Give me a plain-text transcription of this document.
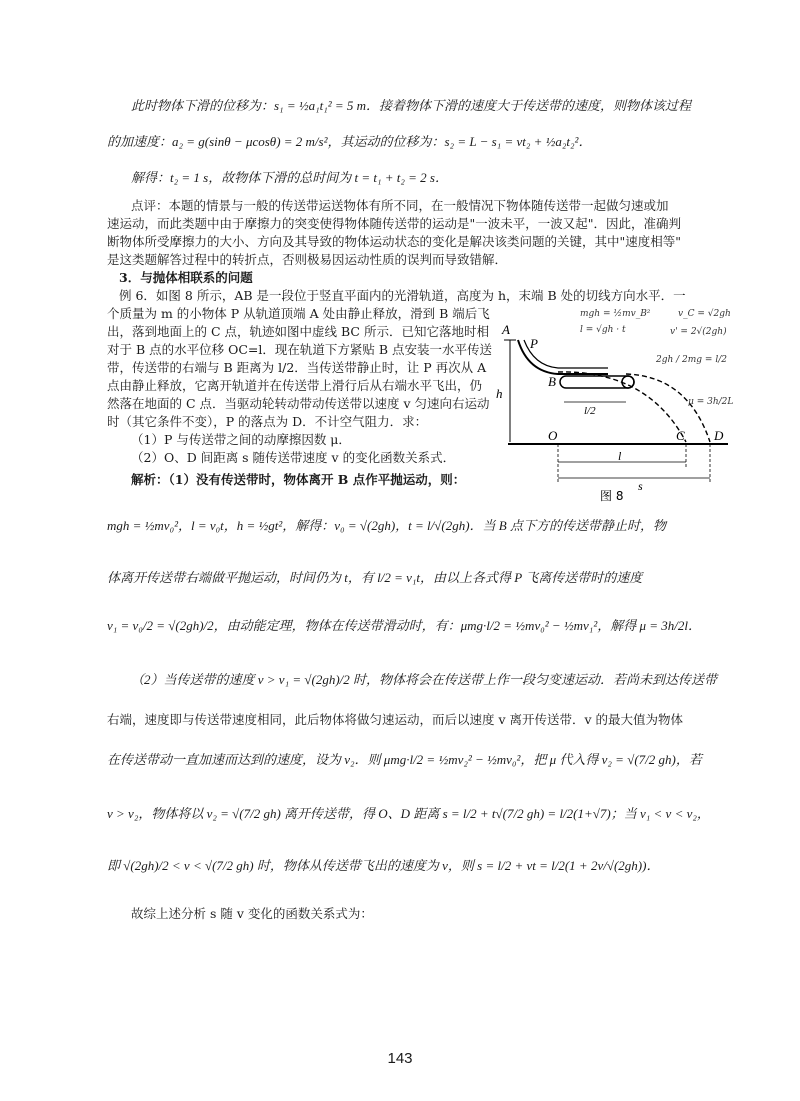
此时物体下滑的位移为：s₁ = ½a₁t₁² = 5 m．接着物体下滑的速度大于传送带的速度，则物体该过程
的加速度：a₂ = g(sinθ − μcosθ) = 2 m/s²，其运动的位移为：s₂ = L − s₁ = vt₂ + ½a₂t₂²．
解得：t₂ = 1 s，故物体下滑的总时间为 t = t₁ + t₂ = 2 s．
点评：本题的情景与一般的传送带运送物体有所不同，在一般情况下物体随传送带一起做匀速或加
速运动，而此类题中由于摩擦力的突变使得物体随传送带的运动是"一波未平，一波又起"．因此，准确判
断物体所受摩擦力的大小、方向及其导致的物体运动状态的变化是解决该类问题的关键，其中"速度相等"
是这类题解答过程中的转折点，否则极易因运动性质的误判而导致错解．
3．与抛体相联系的问题
例 6．如图 8 所示，AB 是一段位于竖直平面内的光滑轨道，高度为 h，末端 B 处的切线方向水平．一
个质量为 m 的小物体 P 从轨道顶端 A 处由静止释放，滑到 B 端后飞
出，落到地面上的 C 点，轨迹如图中虚线 BC 所示．已知它落地时相
对于 B 点的水平位移 OC=l．现在轨道下方紧贴 B 点安装一水平传送
带，传送带的右端与 B 距离为 l/2．当传送带静止时，让 P 再次从 A
点由静止释放，它离开轨道并在传送带上滑行后从右端水平飞出，仍
然落在地面的 C 点．当驱动轮转动带动传送带以速度 v 匀速向右运动
时（其它条件不变），P 的落点为 D．不计空气阻力．求：
（1）P 与传送带之间的动摩擦因数 μ．
（2）O、D 间距离 s 随传送带速度 v 的变化函数关系式．
解析：（1）没有传送带时，物体离开 B 点作平抛运动，则：
mgh = ½mv₀²，l = v₀t，h = ½gt²，解得：v₀ = √(2gh)，t = l/√(2gh)．当 B 点下方的传送带静止时，物
体离开传送带右端做平抛运动，时间仍为 t，有 l/2 = v₁t，由以上各式得 P 飞离传送带时的速度
v₁ = v₀/2 = √(2gh)/2，由动能定理，物体在传送带滑动时，有：μmg·l/2 = ½mv₀² − ½mv₁²，解得 μ = 3h/2l．
（2）当传送带的速度 v > v₁ = √(2gh)/2 时，物体将会在传送带上作一段匀变速运动．若尚未到达传送带
右端，速度即与传送带速度相同，此后物体将做匀速运动，而后以速度 v 离开传送带．v 的最大值为物体
在传送带动一直加速而达到的速度，设为 v₂．则 μmg·l/2 = ½mv₂² − ½mv₀²，把 μ 代入得 v₂ = √(7/2 gh)，若
v > v₂，物体将以 v₂ = √(7/2 gh) 离开传送带，得 O、D 距离 s = l/2 + t√(7/2 gh) = l/2(1+√7)；当 v₁ < v < v₂，
即 √(2gh)/2 < v < √(7/2 gh) 时，物体从传送带飞出的速度为 v，则 s = l/2 + vt = l/2(1 + 2v/√(2gh))．
故综上述分析 s 随 v 变化的函数关系式为：
A
P
h
B
l/2
O	C D
l
s
图 8
mgh = ½mv_B²	v_C = √2gh
l = √gh · t	v' = 2√(2gh)
2gh / 2mg = l/2
μ = 3h/2L
143
